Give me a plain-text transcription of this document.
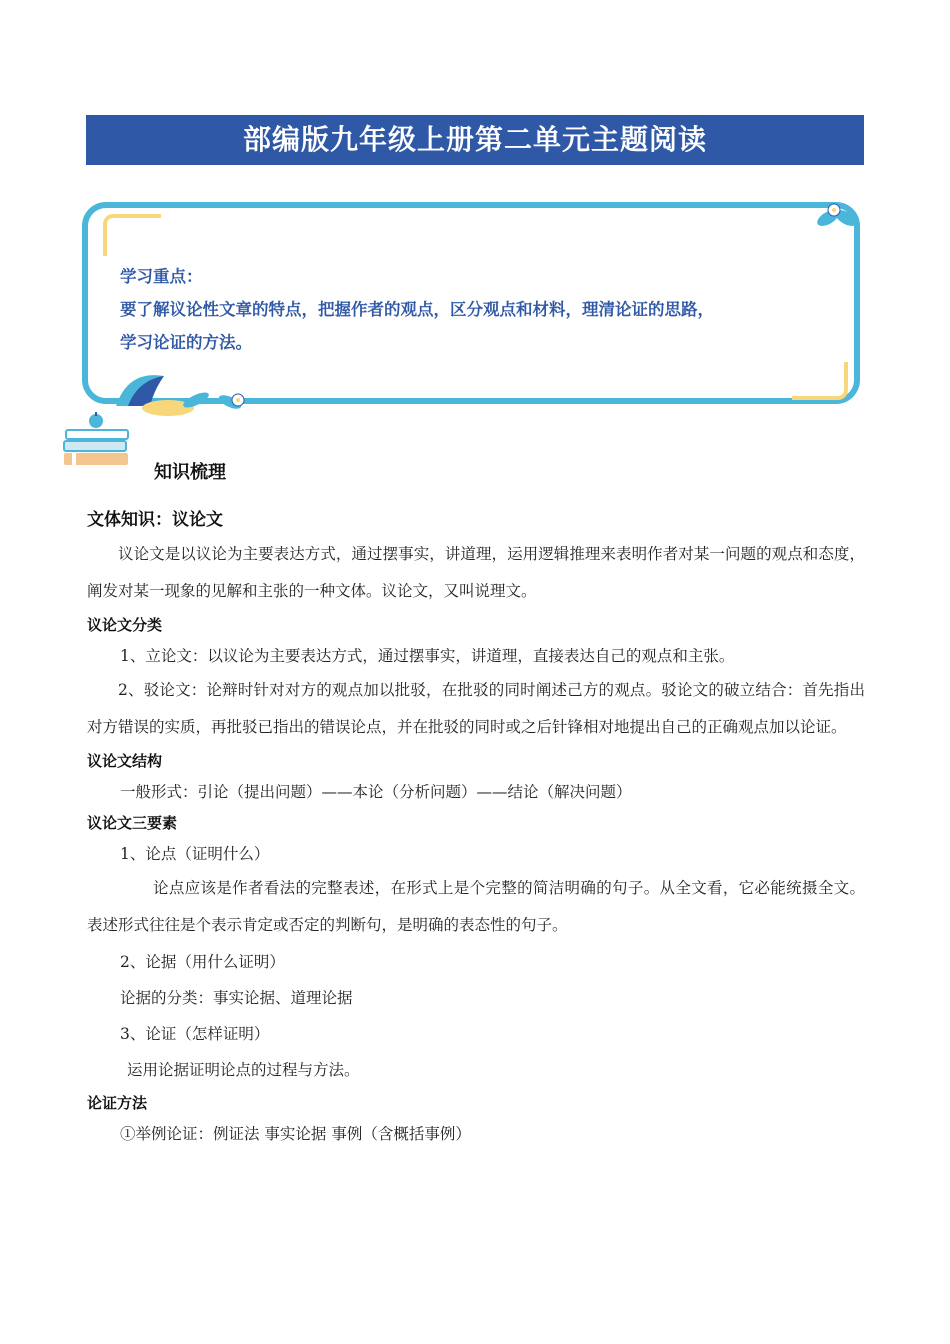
部编版九年级上册第二单元主题阅读
学习重点：
要了解议论性文章的特点，把握作者的观点，区分观点和材料，理清论证的思路，
学习论证的方法。
知识梳理
文体知识：议论文

议论文是以议论为主要表达方式，通过摆事实，讲道理，运用逻辑推理来表明作者对某一问题的观点和态度，阐发对某一现象的见解和主张的一种文体。议论文，又叫说理文。

议论文分类

1、立论文：以议论为主要表达方式，通过摆事实，讲道理，直接表达自己的观点和主张。

2、驳论文：论辩时针对对方的观点加以批驳，在批驳的同时阐述己方的观点。驳论文的破立结合：首先指出对方错误的实质，再批驳已指出的错误论点，并在批驳的同时或之后针锋相对地提出自己的正确观点加以论证。

议论文结构

一般形式：引论（提出问题）——本论（分析问题）——结论（解决问题）

议论文三要素

1、论点（证明什么）

论点应该是作者看法的完整表述，在形式上是个完整的简洁明确的句子。从全文看，它必能统摄全文。表述形式往往是个表示肯定或否定的判断句，是明确的表态性的句子。

2、论据（用什么证明）

论据的分类：事实论据、道理论据

3、论证（怎样证明）

运用论据证明论点的过程与方法。

论证方法

①举例论证：例证法 事实论据 事例（含概括事例）
